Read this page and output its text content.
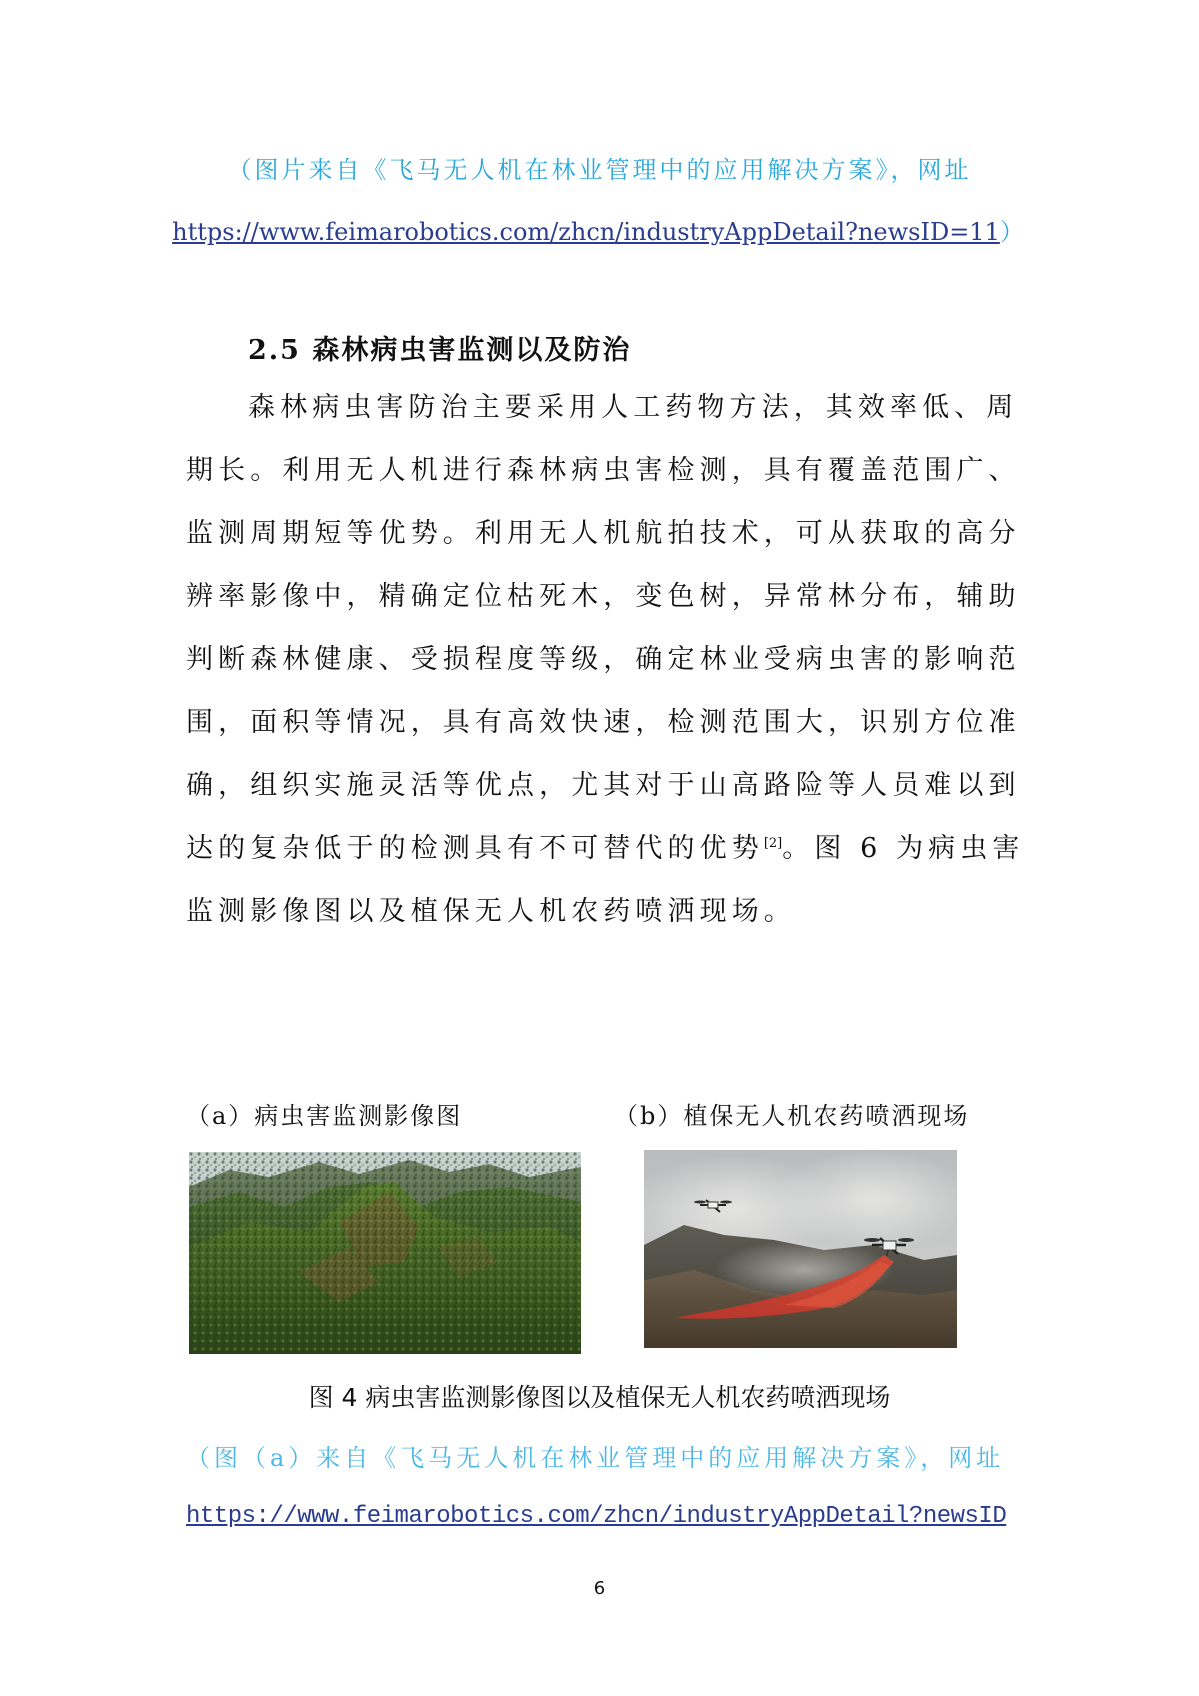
（图片来自《飞马无人机在林业管理中的应用解决方案》，网址
https://www.feimarobotics.com/zhcn/industryAppDetail?newsID=11）
2.5 森林病虫害监测以及防治
森林病虫害防治主要采用人工药物方法，其效率低、周
期长。利用无人机进行森林病虫害检测，具有覆盖范围广、
监测周期短等优势。利用无人机航拍技术，可从获取的高分
辨率影像中，精确定位枯死木，变色树，异常林分布，辅助
判断森林健康、受损程度等级，确定林业受病虫害的影响范
围，面积等情况，具有高效快速，检测范围大，识别方位准
确，组织实施灵活等优点，尤其对于山高路险等人员难以到
达的复杂低于的检测具有不可替代的优势[2]。图 6 为病虫害
监测影像图以及植保无人机农药喷洒现场。
（a）病虫害监测影像图	（b）植保无人机农药喷洒现场
图 4 病虫害监测影像图以及植保无人机农药喷洒现场
（图（a）来自《飞马无人机在林业管理中的应用解决方案》，网址
https://www.feimarobotics.com/zhcn/industryAppDetail?newsID
6
